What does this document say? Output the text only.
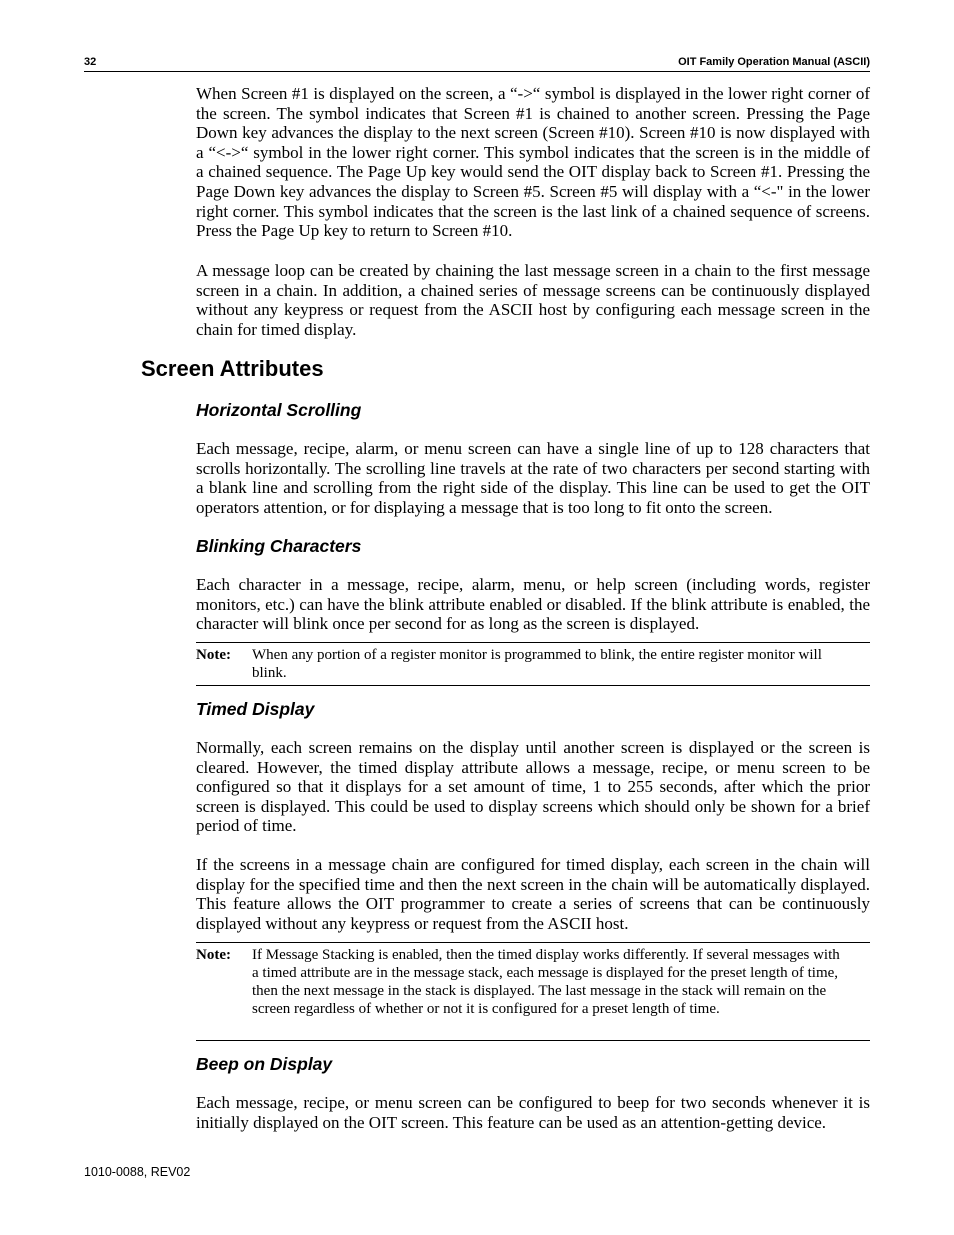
32	OIT Family Operation Manual (ASCII)

When Screen #1 is displayed on the screen, a “->“ symbol is displayed in the lower right corner of the screen. The symbol indicates that Screen #1 is chained to another screen. Pressing the Page Down key advances the display to the next screen (Screen #10). Screen #10 is now displayed with a “<->“ symbol in the lower right corner. This symbol indicates that the screen is in the middle of a chained sequence. The Page Up key would send the OIT display back to Screen #1. Pressing the Page Down key advances the display to Screen #5. Screen #5 will display with a “<-" in the lower right corner. This symbol indicates that the screen is the last link of a chained sequence of screens. Press the Page Up key to return to Screen #10.

A message loop can be created by chaining the last message screen in a chain to the first message screen in a chain. In addition, a chained series of message screens can be continuously displayed without any keypress or request from the ASCII host by configuring each message screen in the chain for timed display.

Screen Attributes
Horizontal Scrolling

Each message, recipe, alarm, or menu screen can have a single line of up to 128 characters that scrolls horizontally. The scrolling line travels at the rate of two characters per second starting with a blank line and scrolling from the right side of the display. This line can be used to get the OIT operators attention, or for displaying a message that is too long to fit onto the screen.

Blinking Characters

Each character in a message, recipe, alarm, menu, or help screen (including words, register monitors, etc.) can have the blink attribute enabled or disabled. If the blink attribute is enabled, the character will blink once per second for as long as the screen is displayed.

Note: When any portion of a register monitor is programmed to blink, the entire register monitor will blink.
Timed Display

Normally, each screen remains on the display until another screen is displayed or the screen is cleared. However, the timed display attribute allows a message, recipe, or menu screen to be configured so that it displays for a set amount of time, 1 to 255 seconds, after which the prior screen is displayed. This could be used to display screens which should only be shown for a brief period of time.

If the screens in a message chain are configured for timed display, each screen in the chain will display for the specified time and then the next screen in the chain will be automatically displayed. This feature allows the OIT programmer to create a series of screens that can be continuously displayed without any keypress or request from the ASCII host.

Note: If Message Stacking is enabled, then the timed display works differently. If several messages with a timed attribute are in the message stack, each message is displayed for the preset length of time, then the next message in the stack is displayed. The last message in the stack will remain on the screen regardless of whether or not it is configured for a preset length of time.
Beep on Display

Each message, recipe, or menu screen can be configured to beep for two seconds whenever it is initially displayed on the OIT screen. This feature can be used as an attention-getting device.

1010-0088, REV02
